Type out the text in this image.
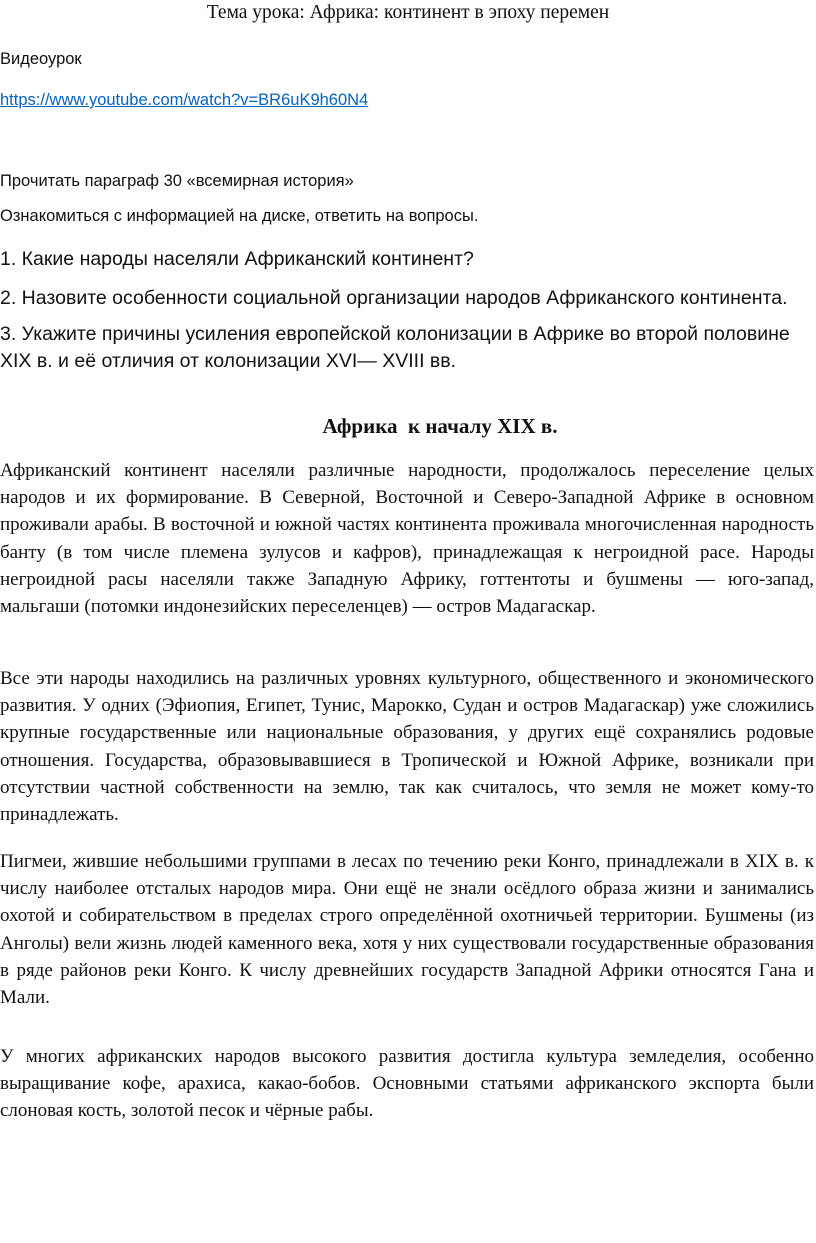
Тема урока: Африка: континент в эпоху перемен
Видеоурок
https://www.youtube.com/watch?v=BR6uK9h60N4
Прочитать параграф 30 «всемирная история»
Ознакомиться с информацией на диске, ответить на вопросы.
1. Какие народы населяли Африканский континент?
2. Назовите особенности социальной организации народов Африканского континента.
3. Укажите причины усиления европейской колонизации в Африке во второй половине XIX в. и её отличия от колонизации XVI— XVIII вв.
Африка  к началу XIX в.

Африканский континент населяли различные народности, продолжалось переселение целых народов и их формирование. В Северной, Восточной и Северо-Западной Африке в основном проживали арабы. В восточной и южной частях континента проживала многочисленная народность банту (в том числе племена зулусов и кафров), принадлежащая к негроидной расе. Народы негроидной расы населяли также Западную Африку, готтентоты и бушмены — юго-запад, мальгаши (потомки индонезийских переселенцев) — остров Мадагаскар.

Все эти народы находились на различных уровнях культурного, общественного и экономического развития. У одних (Эфиопия, Египет, Тунис, Марокко, Судан и остров Мадагаскар) уже сложились крупные государственные или национальные образования, у других ещё сохранялись родовые отношения. Государства, образовывавшиеся в Тропической и Южной Африке, возникали при отсутствии частной собственности на землю, так как считалось, что земля не может кому-то принадлежать.

Пигмеи, жившие небольшими группами в лесах по течению реки Конго, принадлежали в XIX в. к числу наиболее отсталых народов мира. Они ещё не знали осёдлого образа жизни и занимались охотой и собирательством в пределах строго определённой охотничьей территории. Бушмены (из Анголы) вели жизнь людей каменного века, хотя у них существовали государственные образования в ряде районов реки Конго. К числу древнейших государств Западной Африки относятся Гана и Мали.

У многих африканских народов высокого развития достигла культура земледелия, особенно выращивание кофе, арахиса, какао-бобов. Основными статьями африканского экспорта были слоновая кость, золотой песок и чёрные рабы.
